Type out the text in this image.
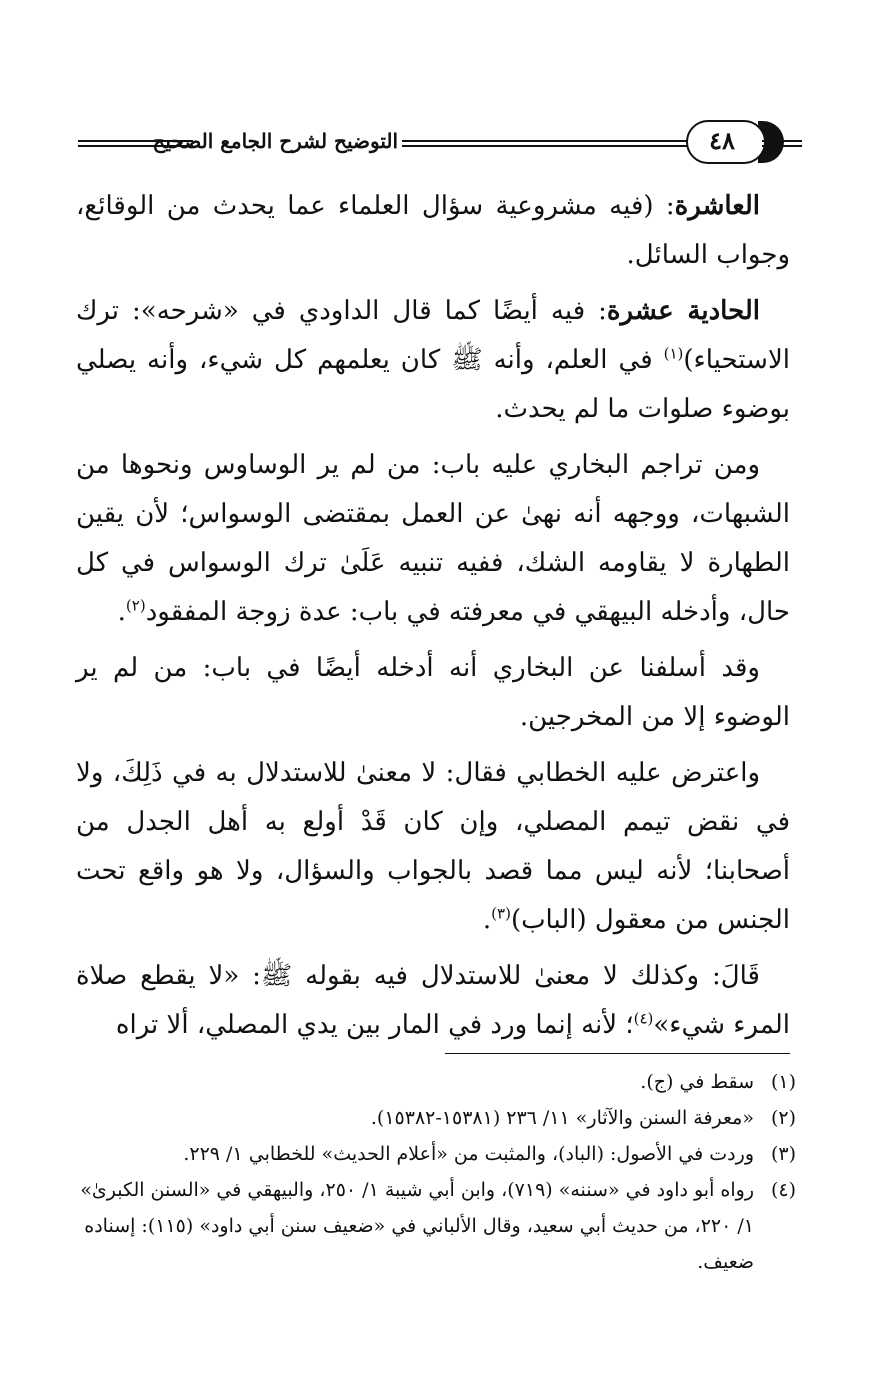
التوضيح لشرح الجامع الصحيح	٤٨

العاشرة: (فيه مشروعية سؤال العلماء عما يحدث من الوقائع، وجواب السائل.

الحادية عشرة: فيه أيضًا كما قال الداودي في «شرحه»: ترك الاستحياء)$^{(١)}$ في العلم، وأنه ﷺ كان يعلمهم كل شيء، وأنه يصلي بوضوء صلوات ما لم يحدث.

ومن تراجم البخاري عليه باب: من لم ير الوساوس ونحوها من الشبهات، ووجهه أنه نهىٰ عن العمل بمقتضى الوسواس؛ لأن يقين الطهارة لا يقاومه الشك، ففيه تنبيه عَلَىٰ ترك الوسواس في كل حال، وأدخله البيهقي في معرفته في باب: عدة زوجة المفقود$^{(٢)}$.

وقد أسلفنا عن البخاري أنه أدخله أيضًا في باب: من لم ير الوضوء إلا من المخرجين.

واعترض عليه الخطابي فقال: لا معنىٰ للاستدلال به في ذَلِكَ، ولا في نقض تيمم المصلي، وإن كان قَدْ أولع به أهل الجدل من أصحابنا؛ لأنه ليس مما قصد بالجواب والسؤال، ولا هو واقع تحت الجنس من معقول (الباب)$^{(٣)}$.

قَالَ: وكذلك لا معنىٰ للاستدلال فيه بقوله ﷺ: «لا يقطع صلاة المرء شيء»$^{(٤)}$؛ لأنه إنما ورد في المار بين يدي المصلي، ألا تراه

(١)
سقط في (ج).
(٢)
«معرفة السنن والآثار» ١١/ ٢٣٦ (١٥٣٨١-١٥٣٨٢).
(٣)
وردت في الأصول: (الباد)، والمثبت من «أعلام الحديث» للخطابي ١/ ٢٢٩.
(٤)
رواه أبو داود في «سننه» (٧١٩)، وابن أبي شيبة ١/ ٢٥٠، والبيهقي في «السنن الكبرىٰ» ١/ ٢٢٠، من حديث أبي سعيد، وقال الألباني في «ضعيف سنن أبي داود» (١١٥): إسناده ضعيف.
